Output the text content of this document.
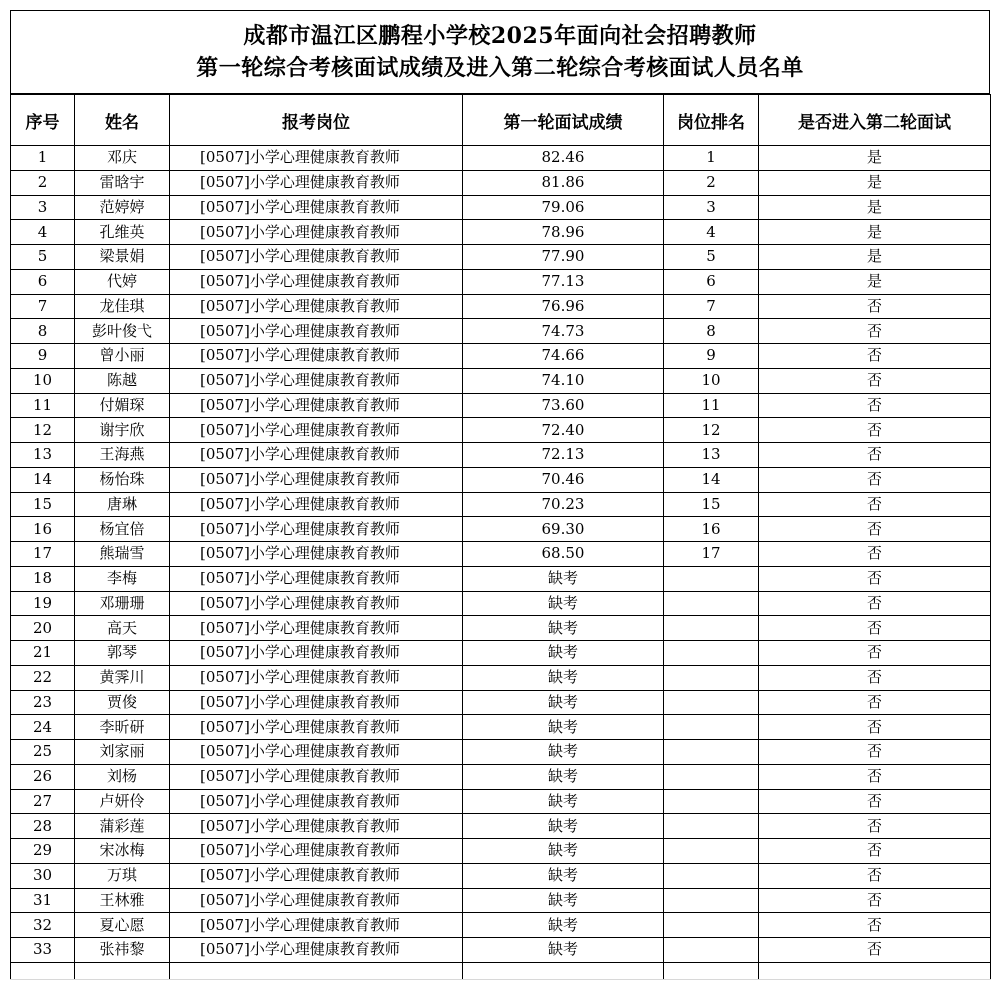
成都市温江区鹏程小学校2025年面向社会招聘教师
第一轮综合考核面试成绩及进入第二轮综合考核面试人员名单
序号	姓名	报考岗位	第一轮面试成绩	岗位排名	是否进入第二轮面试
1	邓庆	[0507]小学心理健康教育教师	82.46	1	是
2	雷晗宇	[0507]小学心理健康教育教师	81.86	2	是
3	范婷婷	[0507]小学心理健康教育教师	79.06	3	是
4	孔维英	[0507]小学心理健康教育教师	78.96	4	是
5	梁景娟	[0507]小学心理健康教育教师	77.90	5	是
6	代婷	[0507]小学心理健康教育教师	77.13	6	是
7	龙佳琪	[0507]小学心理健康教育教师	76.96	7	否
8	彭叶俊弋	[0507]小学心理健康教育教师	74.73	8	否
9	曾小丽	[0507]小学心理健康教育教师	74.66	9	否
10	陈越	[0507]小学心理健康教育教师	74.10	10	否
11	付媚琛	[0507]小学心理健康教育教师	73.60	11	否
12	谢宇欣	[0507]小学心理健康教育教师	72.40	12	否
13	王海燕	[0507]小学心理健康教育教师	72.13	13	否
14	杨怡珠	[0507]小学心理健康教育教师	70.46	14	否
15	唐琳	[0507]小学心理健康教育教师	70.23	15	否
16	杨宜倍	[0507]小学心理健康教育教师	69.30	16	否
17	熊瑞雪	[0507]小学心理健康教育教师	68.50	17	否
18	李梅	[0507]小学心理健康教育教师	缺考		否
19	邓珊珊	[0507]小学心理健康教育教师	缺考		否
20	高天	[0507]小学心理健康教育教师	缺考		否
21	郭琴	[0507]小学心理健康教育教师	缺考		否
22	黄霁川	[0507]小学心理健康教育教师	缺考		否
23	贾俊	[0507]小学心理健康教育教师	缺考		否
24	李昕研	[0507]小学心理健康教育教师	缺考		否
25	刘家丽	[0507]小学心理健康教育教师	缺考		否
26	刘杨	[0507]小学心理健康教育教师	缺考		否
27	卢妍伶	[0507]小学心理健康教育教师	缺考		否
28	蒲彩莲	[0507]小学心理健康教育教师	缺考		否
29	宋冰梅	[0507]小学心理健康教育教师	缺考		否
30	万琪	[0507]小学心理健康教育教师	缺考		否
31	王林雅	[0507]小学心理健康教育教师	缺考		否
32	夏心愿	[0507]小学心理健康教育教师	缺考		否
33	张祎黎	[0507]小学心理健康教育教师	缺考		否
